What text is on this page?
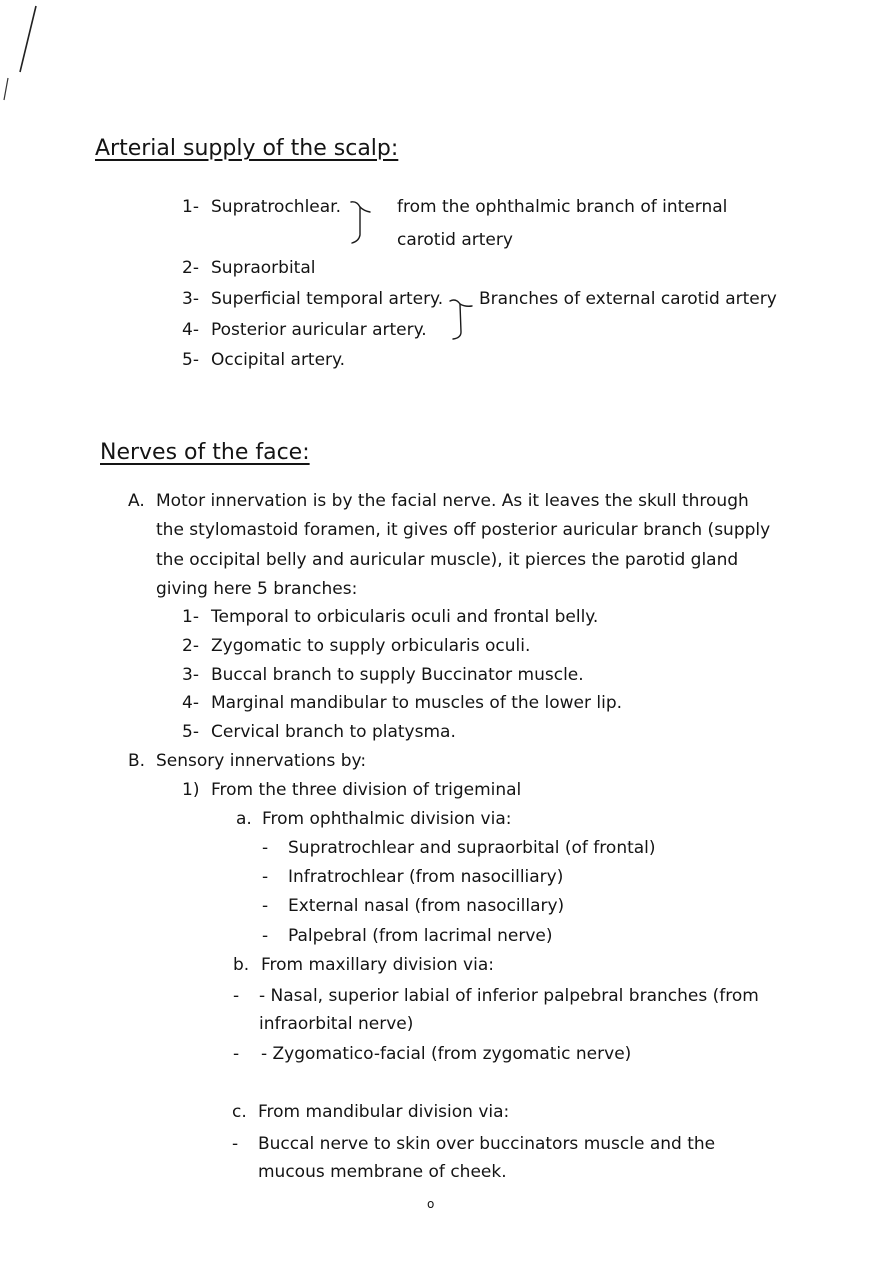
Arterial supply of the scalp:
1- Supratrochlear.
2- Supraorbital
3- Superficial temporal artery.
4- Posterior auricular artery.
5- Occipital artery.
from the ophthalmic branch of internal
carotid artery
Branches of external carotid artery
Nerves of the face:
A. Motor innervation is by the facial nerve. As it leaves the skull through
the stylomastoid foramen, it gives off posterior auricular branch (supply
the occipital belly and auricular muscle), it pierces the parotid gland
giving here 5 branches:
1- Temporal to orbicularis oculi and frontal belly.
2- Zygomatic to supply orbicularis oculi.
3- Buccal branch to supply Buccinator muscle.
4- Marginal mandibular to muscles of the lower lip.
5- Cervical branch to platysma.
B. Sensory innervations by:
1) From the three division of trigeminal
a. From ophthalmic division via:
- Supratrochlear and supraorbital (of frontal)
- Infratrochlear (from nasocilliary)
- External nasal (from nasocillary)
- Palpebral (from lacrimal nerve)
b. From maxillary division via:
- - Nasal, superior labial of inferior palpebral branches (from
infraorbital nerve)
- - Zygomatico-facial (from zygomatic nerve)
c. From mandibular division via:
- Buccal nerve to skin over buccinators muscle and the
mucous membrane of cheek.
o
